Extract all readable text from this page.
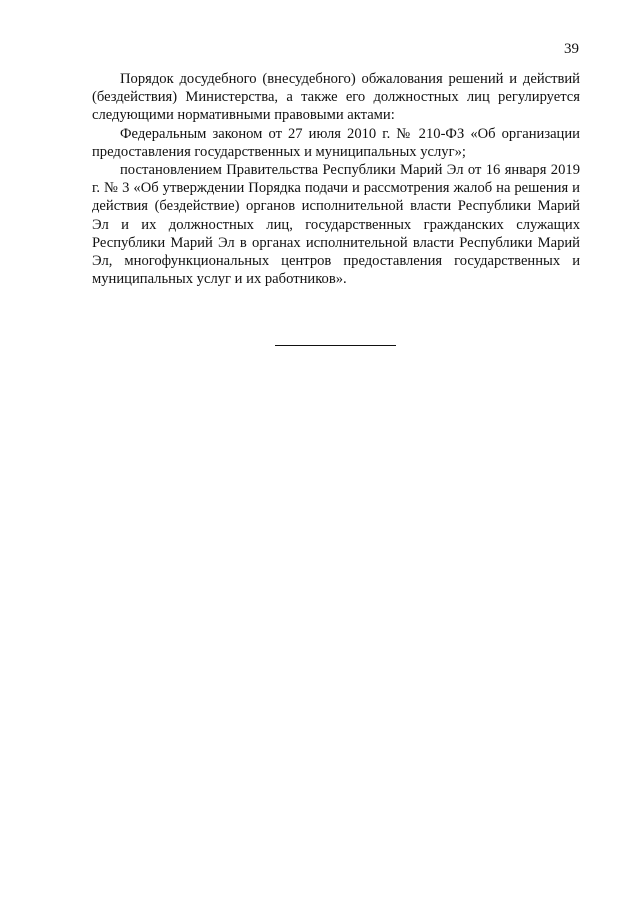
39

Порядок досудебного (внесудебного) обжалования решений и действий (бездействия) Министерства, а также его должностных лиц регулируется следующими нормативными правовыми актами:

Федеральным законом от 27 июля 2010 г. № 210-ФЗ «Об организации предоставления государственных и муниципальных услуг»;

постановлением Правительства Республики Марий Эл от 16 января 2019 г. № 3 «Об утверждении Порядка подачи и рассмотрения жалоб на решения и действия (бездействие) органов исполнительной власти Республики Марий Эл и их должностных лиц, государственных гражданских служащих Республики Марий Эл в органах исполнительной власти Республики Марий Эл, многофункциональных центров предоставления государственных и муниципальных услуг и их работников».
